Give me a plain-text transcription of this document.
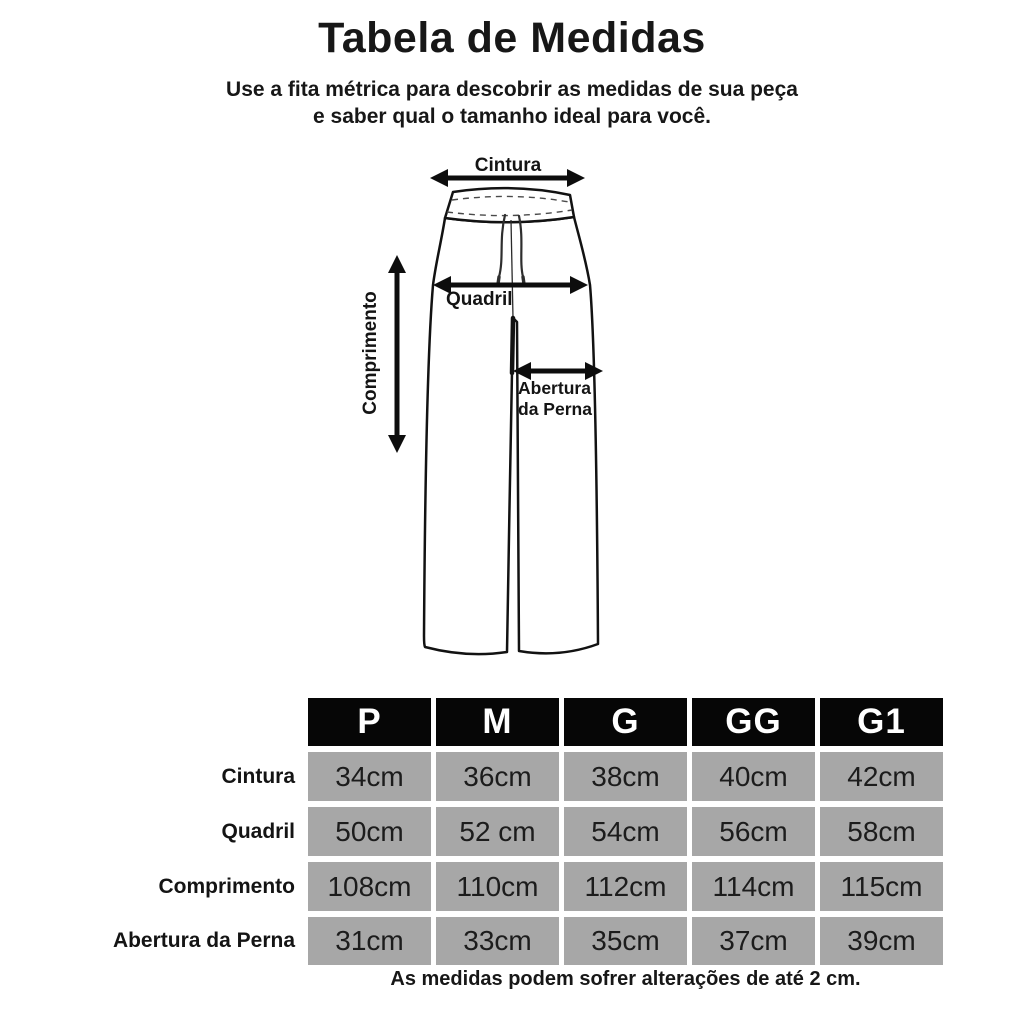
Tabela de Medidas

Use a fita métrica para descobrir as medidas de sua peça
e saber qual o tamanho ideal para você.

Cintura
Quadril
Comprimento	Abertura
da Perna
P	M	G	GG	G1
Cintura	34cm	36cm	38cm	40cm	42cm
Quadril	50cm	52 cm	54cm	56cm	58cm
Comprimento	108cm	110cm	112cm	114cm	115cm
Abertura da Perna	31cm	33cm	35cm	37cm	39cm

As medidas podem sofrer alterações de até 2 cm.
